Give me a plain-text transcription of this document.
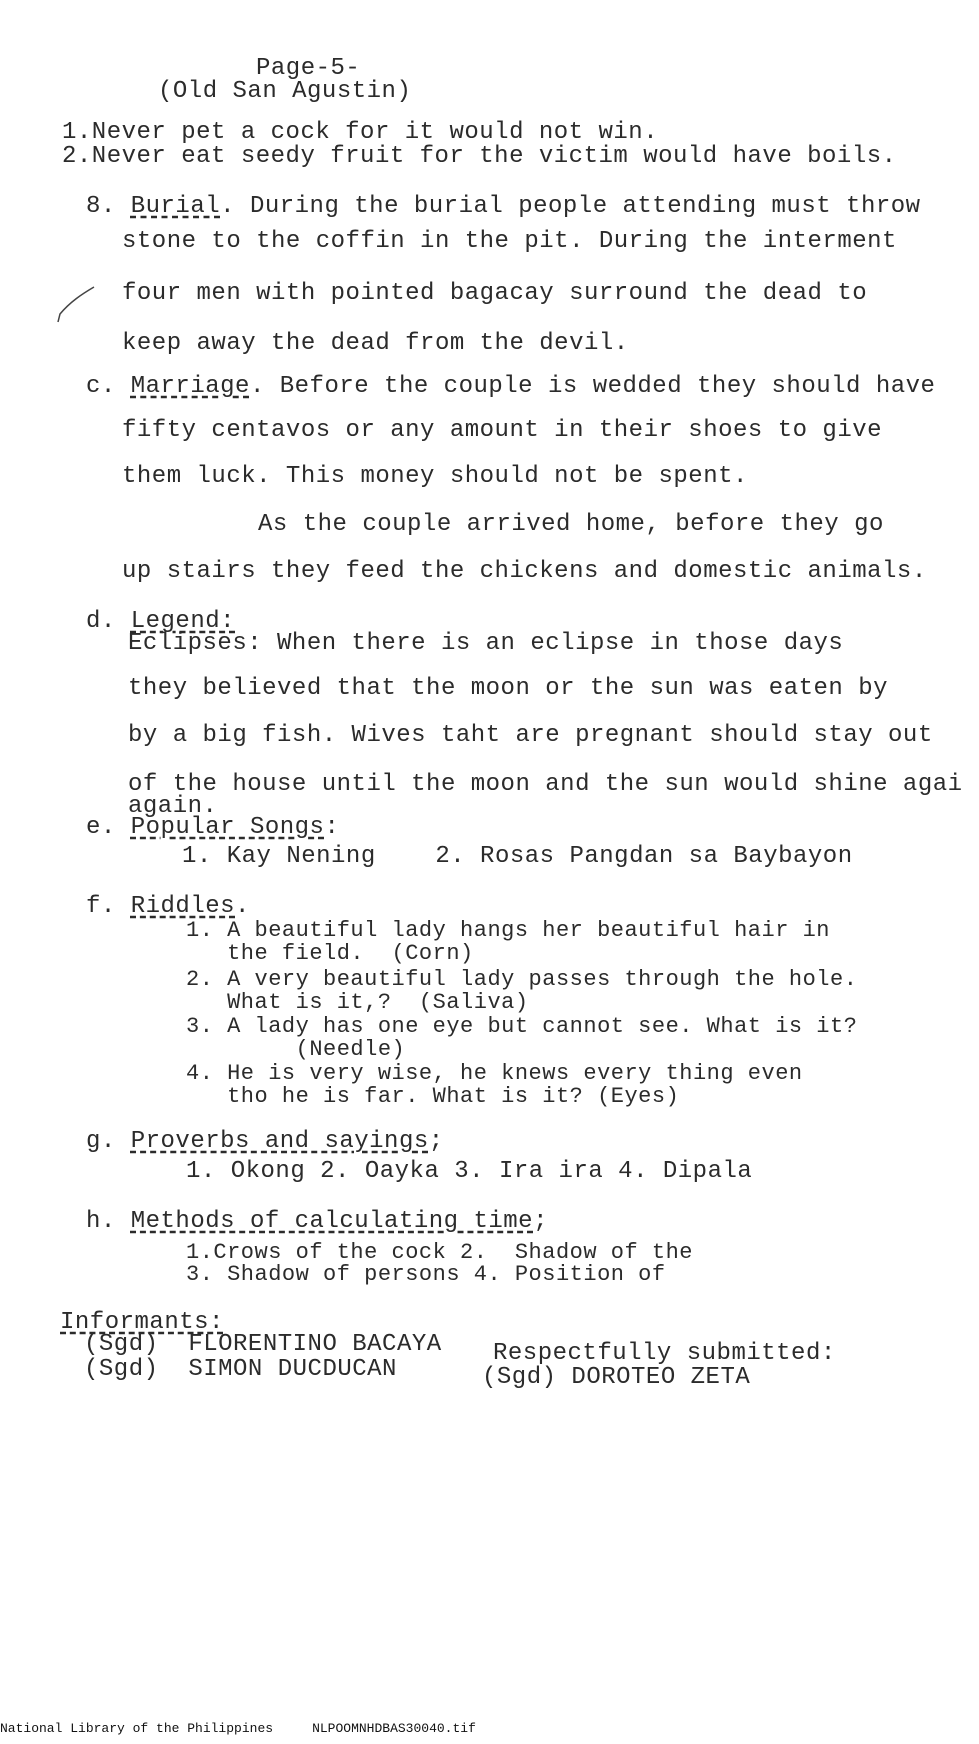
Page-5-
(Old San Agustin)
1.Never pet a cock for it would not win.
2.Never eat seedy fruit for the victim would have boils.
8. Burial. During the burial people attending must throw
stone to the coffin in the pit. During the interment
four men with pointed bagacay surround the dead to
keep away the dead from the devil.
c. Marriage. Before the couple is wedded they should have
fifty centavos or any amount in their shoes to give
them luck. This money should not be spent.
As the couple arrived home, before they go
up stairs they feed the chickens and domestic animals.
d. Legend:
Eclipses: When there is an eclipse in those days
they believed that the moon or the sun was eaten by
by a big fish. Wives taht are pregnant should stay out
of the house until the moon and the sun would shine agai
again.
e. Popular Songs:
1. Kay Nening    2. Rosas Pangdan sa Baybayon
f. Riddles.
1. A beautiful lady hangs her beautiful hair in
the field.  (Corn)
2. A very beautiful lady passes through the hole.
What is it,?  (Saliva)
3. A lady has one eye but cannot see. What is it?
(Needle)
4. He is very wise, he knews every thing even
tho he is far. What is it? (Eyes)
g. Proverbs and sayings;
1. Okong 2. Oayka 3. Ira ira 4. Dipala
h. Methods of calculating time;
1.Crows of the cock 2.  Shadow of the
3. Shadow of persons 4. Position of
Informants:
(Sgd)  FLORENTINO BACAYA
(Sgd)  SIMON DUCDUCAN
Respectfully submitted:
(Sgd) DOROTEO ZETA
National Library of the Philippines	NLPOOMNHDBAS30040.tif
